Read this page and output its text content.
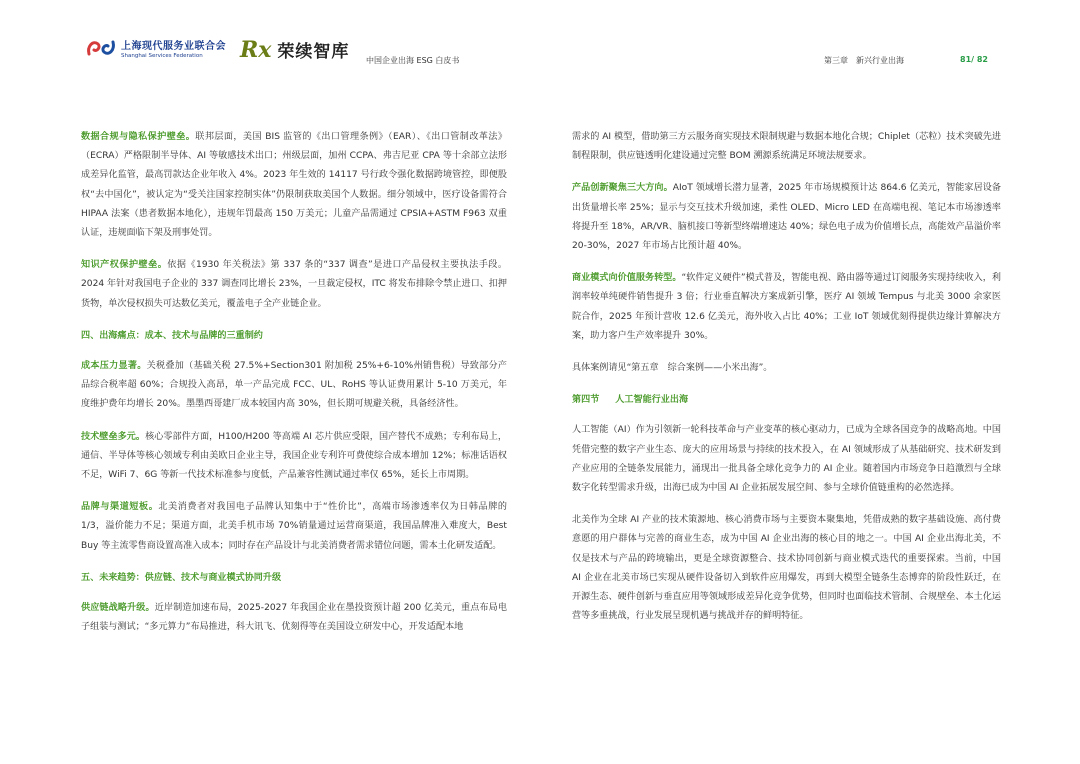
上海现代服务业联合会
Shanghai Services Federation	Rx 荣续智库 中国企业出海 ESG 白皮书	第三章　新兴行业出海	81/ 82

数据合规与隐私保护壁垒。联邦层面，美国 BIS 监管的《出口管理条例》（EAR）、《出口管制改革法》（ECRA）严格限制半导体、AI 等敏感技术出口；州级层面，加州 CCPA、弗吉尼亚 CPA 等十余部立法形成差异化监管，最高罚款达企业年收入 4%。2023 年生效的 14117 号行政令强化数据跨境管控，即便股权“去中国化”，被认定为“受关注国家控制实体”仍限制获取美国个人数据。细分领域中，医疗设备需符合 HIPAA 法案（患者数据本地化），违规年罚最高 150 万美元；儿童产品需通过 CPSIA+ASTM F963 双重认证，违规面临下架及刑事处罚。

知识产权保护壁垒。依据《1930 年关税法》第 337 条的“337 调查”是进口产品侵权主要执法手段。2024 年针对我国电子企业的 337 调查同比增长 23%，一旦裁定侵权，ITC 将发布排除令禁止进口、扣押货物，单次侵权损失可达数亿美元，覆盖电子全产业链企业。

四、出海痛点：成本、技术与品牌的三重制约

成本压力显著。关税叠加（基础关税 27.5%+Section301 附加税 25%+6-10%州销售税）导致部分产品综合税率超 60%；合规投入高昂，单一产品完成 FCC、UL、RoHS 等认证费用累计 5-10 万美元，年度维护费年均增长 20%。墨墨西哥建厂成本较国内高 30%，但长期可规避关税，具备经济性。

技术壁垒多元。核心零部件方面，H100/H200 等高端 AI 芯片供应受限，国产替代不成熟；专利布局上，通信、半导体等核心领域专利由美欧日企业主导，我国企业专利许可费使综合成本增加 12%；标准话语权不足，WiFi 7、6G 等新一代技术标准参与度低，产品兼容性测试通过率仅 65%，延长上市周期。

品牌与渠道短板。北美消费者对我国电子品牌认知集中于“性价比”，高端市场渗透率仅为日韩品牌的 1/3，溢价能力不足；渠道方面，北美手机市场 70%销量通过运营商渠道，我国品牌准入难度大，Best Buy 等主流零售商设置高准入成本；同时存在产品设计与北美消费者需求错位问题，需本土化研发适配。

五、未来趋势：供应链、技术与商业模式协同升级

供应链战略升级。近岸制造加速布局，2025-2027 年我国企业在墨投资预计超 200 亿美元，重点布局电子组装与测试；“多元算力”布局推进，科大讯飞、优刻得等在美国设立研发中心，开发适配本地

需求的 AI 模型，借助第三方云服务商实现技术限制规避与数据本地化合规；Chiplet（芯粒）技术突破先进制程限制，供应链透明化建设通过完整 BOM 溯源系统满足环境法规要求。

产品创新聚焦三大方向。AIoT 领域增长潜力显著，2025 年市场规模预计达 864.6 亿美元，智能家居设备出货量增长率 25%；显示与交互技术升级加速，柔性 OLED、Micro LED 在高端电视、笔记本市场渗透率将提升至 18%，AR/VR、脑机接口等新型终端增速达 40%；绿色电子成为价值增长点，高能效产品溢价率 20-30%，2027 年市场占比预计超 40%。

商业模式向价值服务转型。“软件定义硬件”模式普及，智能电视、路由器等通过订阅服务实现持续收入，利润率较单纯硬件销售提升 3 倍；行业垂直解决方案成新引擎，医疗 AI 领域 Tempus 与北美 3000 余家医院合作，2025 年预计营收 12.6 亿美元，海外收入占比 40%；工业 IoT 领域优刻得提供边缘计算解决方案，助力客户生产效率提升 30%。

具体案例请见“第五章　综合案例——小米出海”。

第四节 人工智能行业出海

人工智能（AI）作为引领新一轮科技革命与产业变革的核心驱动力，已成为全球各国竞争的战略高地。中国凭借完整的数字产业生态、庞大的应用场景与持续的技术投入，在 AI 领域形成了从基础研究、技术研发到产业应用的全链条发展能力，涌现出一批具备全球化竞争力的 AI 企业。随着国内市场竞争日趋激烈与全球数字化转型需求升级，出海已成为中国 AI 企业拓展发展空间、参与全球价值链重构的必然选择。

北美作为全球 AI 产业的技术策源地、核心消费市场与主要资本聚集地，凭借成熟的数字基础设施、高付费意愿的用户群体与完善的商业生态，成为中国 AI 企业出海的核心目的地之一。中国 AI 企业出海北美，不仅是技术与产品的跨境输出，更是全球资源整合、技术协同创新与商业模式迭代的重要探索。当前，中国 AI 企业在北美市场已实现从硬件设备切入到软件应用爆发，再到大模型全链条生态博弈的阶段性跃迁，在开源生态、硬件创新与垂直应用等领域形成差异化竞争优势，但同时也面临技术管制、合规壁垒、本土化运营等多重挑战，行业发展呈现机遇与挑战并存的鲜明特征。
